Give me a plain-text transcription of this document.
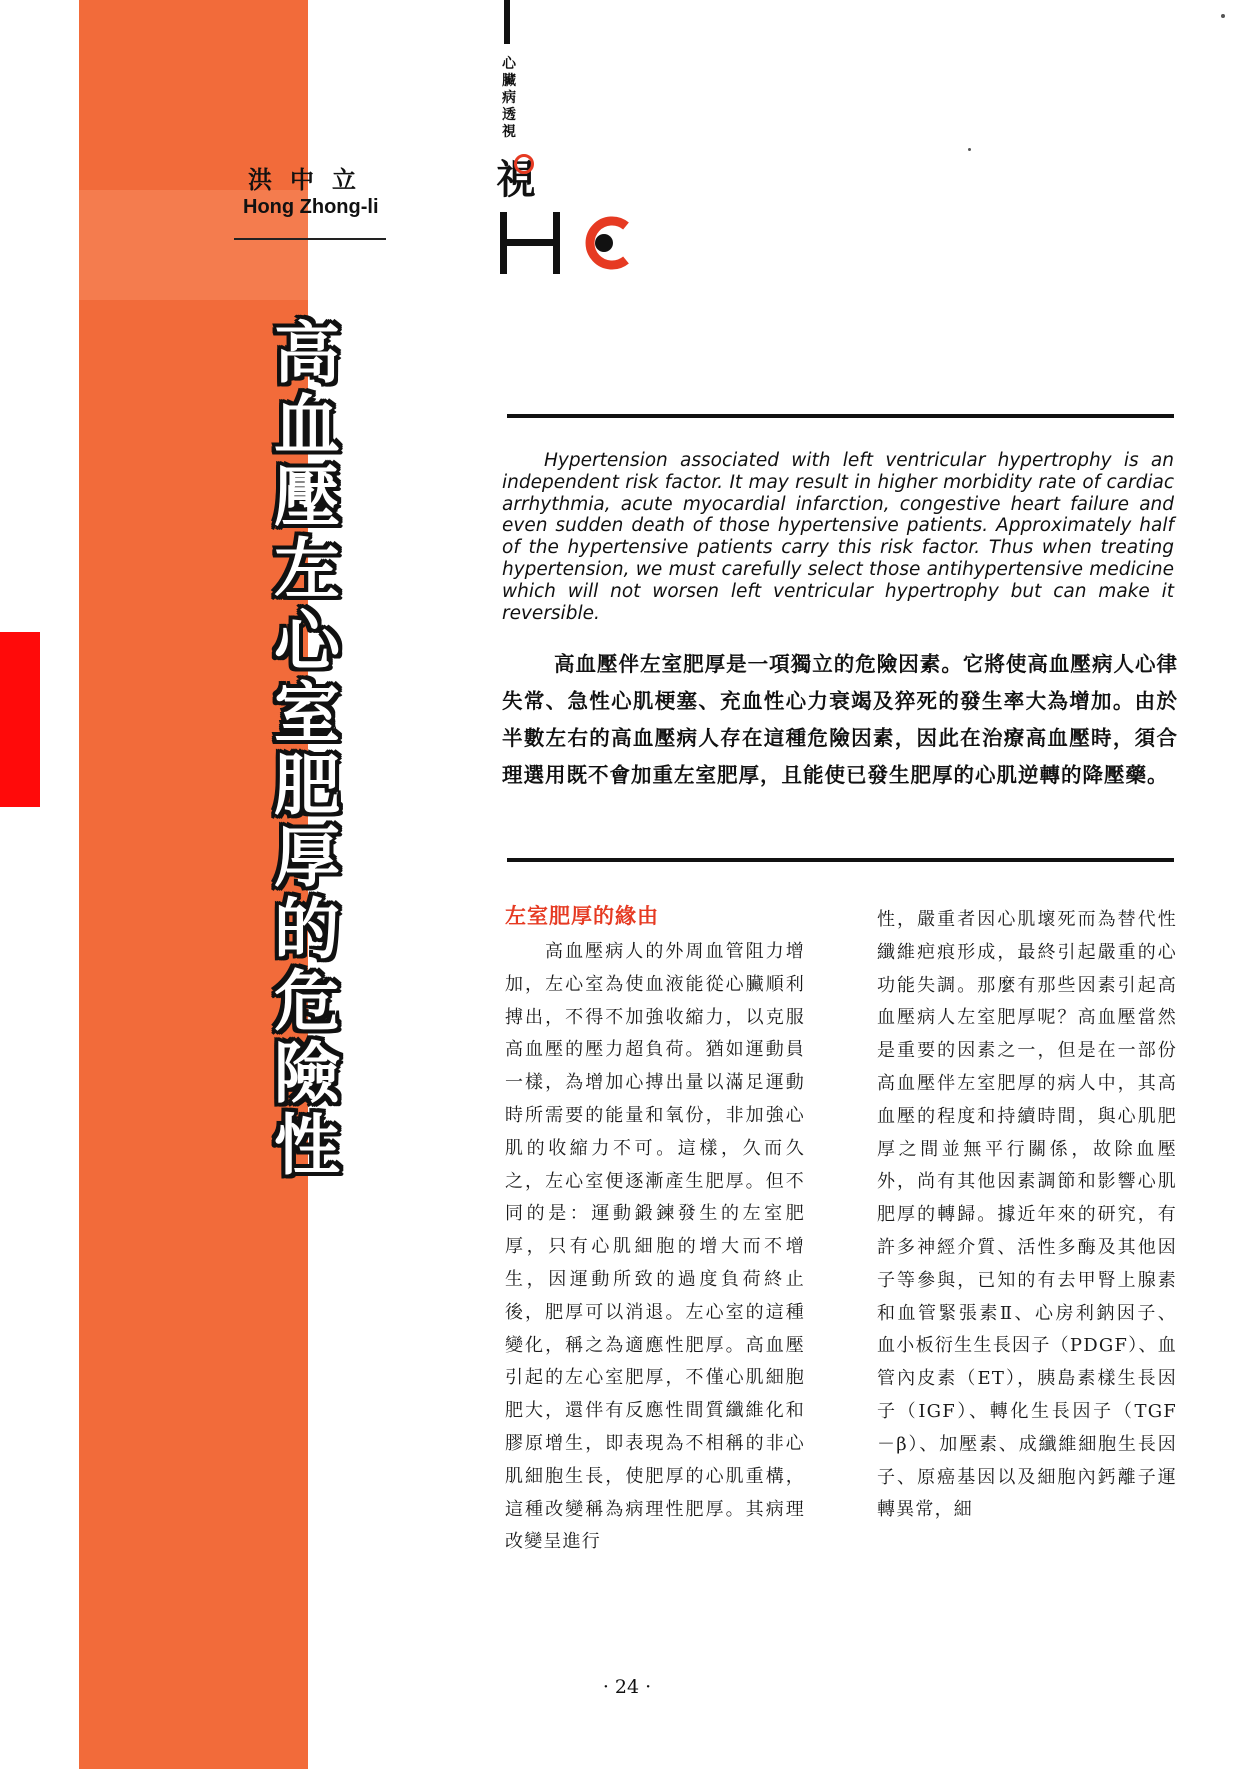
洪中立
Hong Zhong-li
高血壓左心室肥厚的危險性
心臟病透視
視

Hypertension associated with left ventricular hypertrophy is an independent risk factor. It may result in higher morbidity rate of cardiac arrhythmia, acute myocardial infarction, congestive heart failure and even sudden death of those hypertensive patients. Approximately half of the hypertensive patients carry this risk factor. Thus when treating hypertension, we must carefully select those antihypertensive medicine which will not worsen left ventricular hypertrophy but can make it reversible.

高血壓伴左室肥厚是一項獨立的危險因素。它將使高血壓病人心律失常、急性心肌梗塞、充血性心力衰竭及猝死的發生率大為增加。由於半數左右的高血壓病人存在這種危險因素，因此在治療高血壓時，須合理選用既不會加重左室肥厚，且能使已發生肥厚的心肌逆轉的降壓藥。

左室肥厚的緣由

高血壓病人的外周血管阻力增加，左心室為使血液能從心臟順利搏出，不得不加強收縮力，以克服高血壓的壓力超負荷。猶如運動員一樣，為增加心搏出量以滿足運動時所需要的能量和氧份，非加強心肌的收縮力不可。這樣，久而久之，左心室便逐漸產生肥厚。但不同的是：運動鍛鍊發生的左室肥厚，只有心肌細胞的增大而不增生，因運動所致的過度負荷終止後，肥厚可以消退。左心室的這種變化，稱之為適應性肥厚。高血壓引起的左心室肥厚，不僅心肌細胞肥大，還伴有反應性間質纖維化和膠原增生，即表現為不相稱的非心肌細胞生長，使肥厚的心肌重構，這種改變稱為病理性肥厚。其病理改變呈進行

性，嚴重者因心肌壞死而為替代性纖維疤痕形成，最終引起嚴重的心功能失調。那麼有那些因素引起高血壓病人左室肥厚呢？高血壓當然是重要的因素之一，但是在一部份高血壓伴左室肥厚的病人中，其高血壓的程度和持續時間，與心肌肥厚之間並無平行關係，故除血壓外，尚有其他因素調節和影響心肌肥厚的轉歸。據近年來的研究，有許多神經介質、活性多酶及其他因子等參與，已知的有去甲腎上腺素和血管緊張素Ⅱ、心房利鈉因子、血小板衍生生長因子（PDGF）、血管內皮素（ET），胰島素樣生長因子（IGF）、轉化生長因子（TGF－β）、加壓素、成纖維細胞生長因子、原癌基因以及細胞內鈣離子運轉異常，細

· 24 ·
